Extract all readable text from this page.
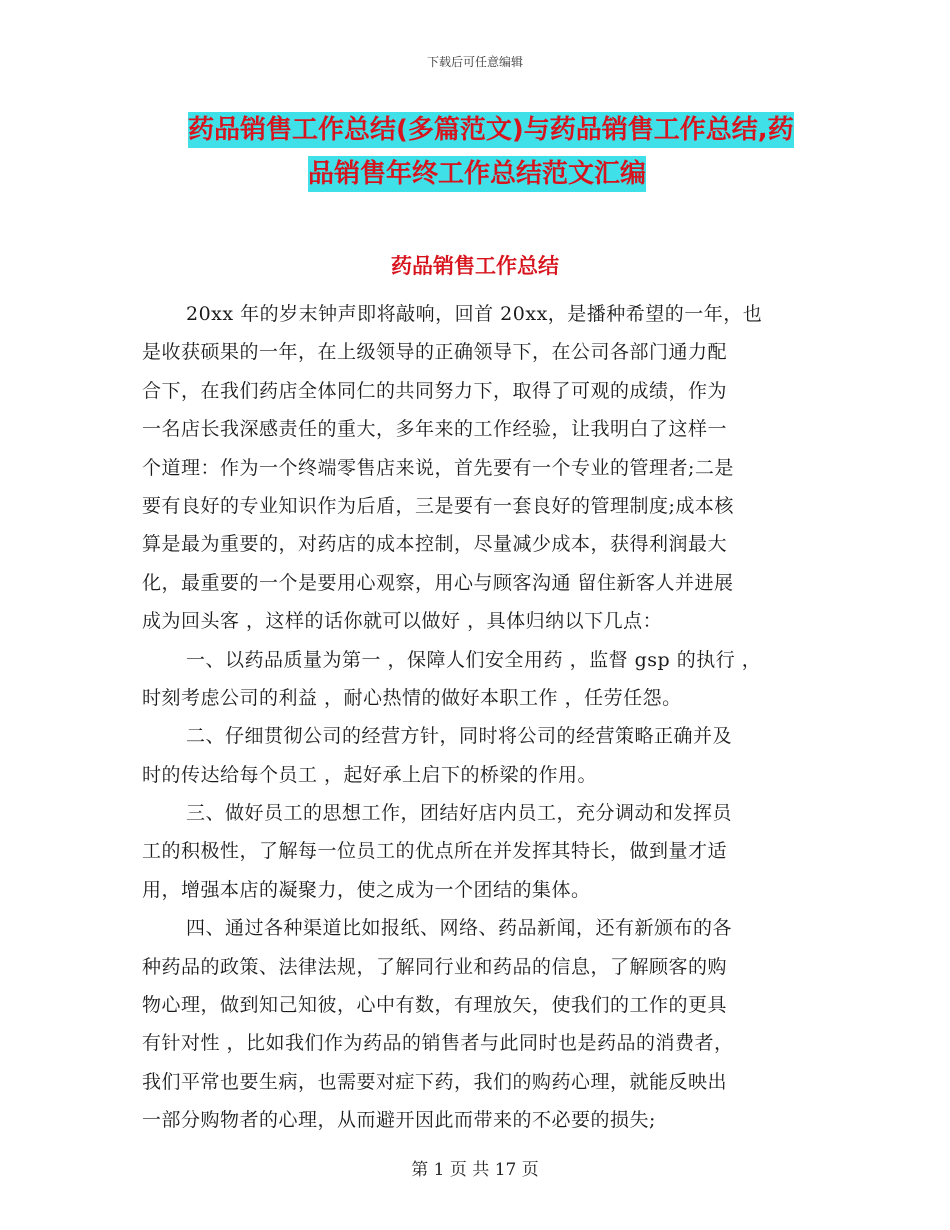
下载后可任意编辑
药品销售工作总结(多篇范文)与药品销售工作总结,药
品销售年终工作总结范文汇编
药品销售工作总结
20xx 年的岁末钟声即将敲响，回首 20xx，是播种希望的一年，也
是收获硕果的一年，在上级领导的正确领导下，在公司各部门通力配
合下，在我们药店全体同仁的共同努力下，取得了可观的成绩，作为
一名店长我深感责任的重大，多年来的工作经验，让我明白了这样一
个道理：作为一个终端零售店来说，首先要有一个专业的管理者;二是
要有良好的专业知识作为后盾，三是要有一套良好的管理制度;成本核
算是最为重要的，对药店的成本控制，尽量减少成本，获得利润最大
化，最重要的一个是要用心观察，用心与顾客沟通 留住新客人并进展
成为回头客 ，这样的话你就可以做好 ，具体归纳以下几点：
一、以药品质量为第一 ，保障人们安全用药 ，监督 gsp 的执行 ，
时刻考虑公司的利益 ，耐心热情的做好本职工作 ，任劳任怨。
二、仔细贯彻公司的经营方针，同时将公司的经营策略正确并及
时的传达给每个员工 ，起好承上启下的桥梁的作用。
三、做好员工的思想工作，团结好店内员工，充分调动和发挥员
工的积极性，了解每一位员工的优点所在并发挥其特长，做到量才适
用，增强本店的凝聚力，使之成为一个团结的集体。
四、通过各种渠道比如报纸、网络、药品新闻，还有新颁布的各
种药品的政策、法律法规，了解同行业和药品的信息，了解顾客的购
物心理，做到知己知彼，心中有数，有理放矢，使我们的工作的更具
有针对性 ，比如我们作为药品的销售者与此同时也是药品的消费者，
我们平常也要生病，也需要对症下药，我们的购药心理，就能反映出
一部分购物者的心理，从而避开因此而带来的不必要的损失;
第 1 页 共 17 页
